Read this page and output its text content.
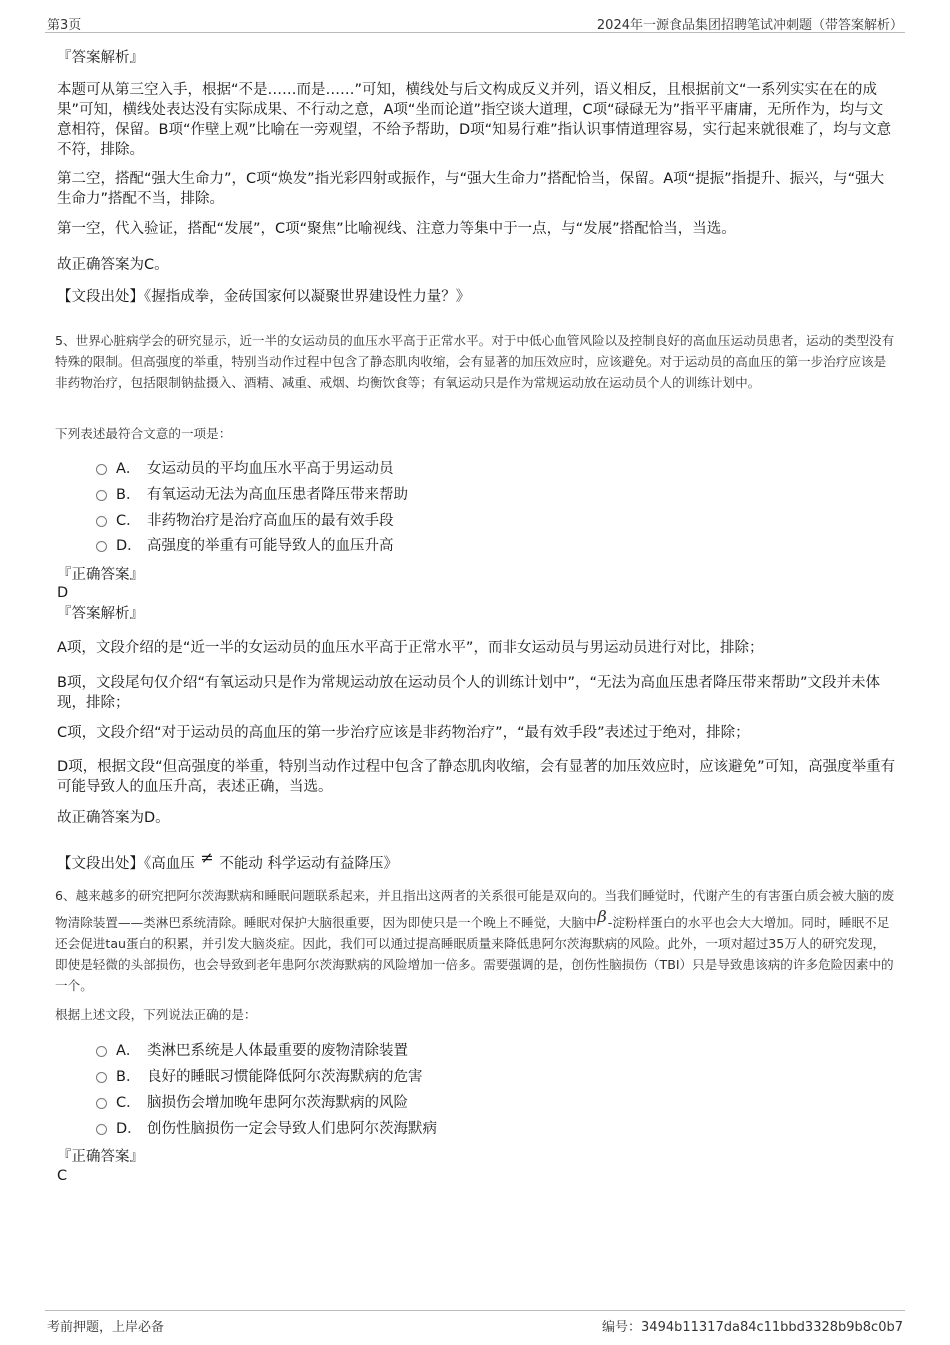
第3页	2024年一源食品集团招聘笔试冲刺题（带答案解析）
『答案解析』
本题可从第三空入手，根据“不是……而是……”可知，横线处与后文构成反义并列，语义相反，且根据前文“一系列实实在在的成果”可知，横线处表达没有实际成果、不行动之意，A项“坐而论道”指空谈大道理，C项“碌碌无为”指平平庸庸，无所作为，均与文意相符，保留。B项“作壁上观”比喻在一旁观望，不给予帮助，D项“知易行难”指认识事情道理容易，实行起来就很难了，均与文意不符，排除。
第二空，搭配“强大生命力”，C项“焕发”指光彩四射或振作，与“强大生命力”搭配恰当，保留。A项“提振”指提升、振兴，与“强大生命力”搭配不当，排除。
第一空，代入验证，搭配“发展”，C项“聚焦”比喻视线、注意力等集中于一点，与“发展”搭配恰当，当选。
故正确答案为C。
【文段出处】《握指成拳，金砖国家何以凝聚世界建设性力量？》
5、世界心脏病学会的研究显示，近一半的女运动员的血压水平高于正常水平。对于中低心血管风险以及控制良好的高血压运动员患者，运动的类型没有特殊的限制。但高强度的举重，特别当动作过程中包含了静态肌肉收缩，会有显著的加压效应时，应该避免。对于运动员的高血压的第一步治疗应该是非药物治疗，包括限制钠盐摄入、酒精、减重、戒烟、均衡饮食等；有氧运动只是作为常规运动放在运动员个人的训练计划中。
下列表述最符合文意的一项是：
A． 女运动员的平均血压水平高于男运动员
B． 有氧运动无法为高血压患者降压带来帮助
C． 非药物治疗是治疗高血压的最有效手段
D． 高强度的举重有可能导致人的血压升高
『正确答案』
D
『答案解析』
A项，文段介绍的是“近一半的女运动员的血压水平高于正常水平”，而非女运动员与男运动员进行对比，排除；
B项，文段尾句仅介绍“有氧运动只是作为常规运动放在运动员个人的训练计划中”，“无法为高血压患者降压带来帮助”文段并未体现，排除；
C项，文段介绍“对于运动员的高血压的第一步治疗应该是非药物治疗”，“最有效手段”表述过于绝对，排除；
D项，根据文段“但高强度的举重，特别当动作过程中包含了静态肌肉收缩，会有显著的加压效应时，应该避免”可知，高强度举重有可能导致人的血压升高，表述正确，当选。
故正确答案为D。
【文段出处】《高血压 ≠ 不能动 科学运动有益降压》
6、越来越多的研究把阿尔茨海默病和睡眠问题联系起来，并且指出这两者的关系很可能是双向的。当我们睡觉时，代谢产生的有害蛋白质会被大脑的废物清除装置——类淋巴系统清除。睡眠对保护大脑很重要，因为即使只是一个晚上不睡觉，大脑中β-淀粉样蛋白的水平也会大大增加。同时，睡眠不足还会促进tau蛋白的积累，并引发大脑炎症。因此，我们可以通过提高睡眠质量来降低患阿尔茨海默病的风险。此外，一项对超过35万人的研究发现，即使是轻微的头部损伤，也会导致到老年患阿尔茨海默病的风险增加一倍多。需要强调的是，创伤性脑损伤（TBI）只是导致患该病的许多危险因素中的一个。
根据上述文段，下列说法正确的是：
A． 类淋巴系统是人体最重要的废物清除装置
B． 良好的睡眠习惯能降低阿尔茨海默病的危害
C． 脑损伤会增加晚年患阿尔茨海默病的风险
D． 创伤性脑损伤一定会导致人们患阿尔茨海默病
『正确答案』
C
考前押题，上岸必备	编号：3494b11317da84c11bbd3328b9b8c0b7
